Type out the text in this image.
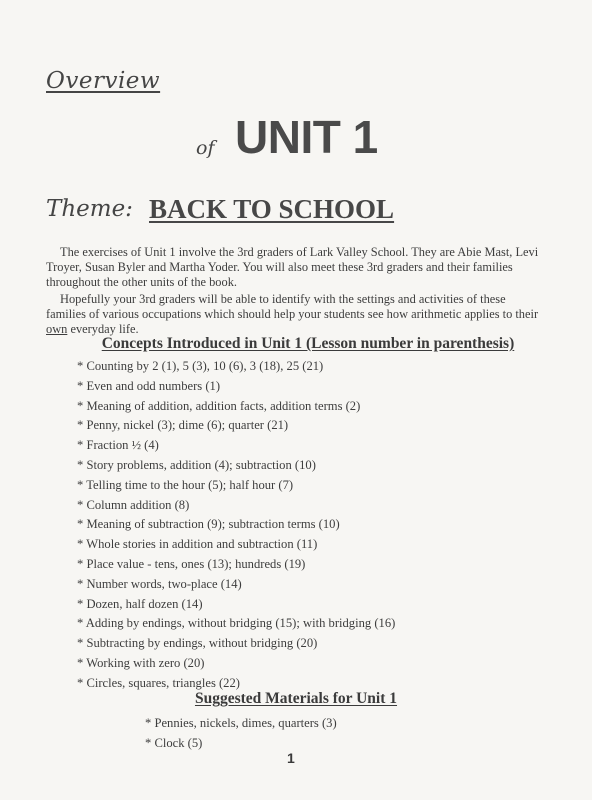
Overview
of UNIT 1
Theme: BACK TO SCHOOL

The exercises of Unit 1 involve the 3rd graders of Lark Valley School. They are Abie Mast, Levi Troyer, Susan Byler and Martha Yoder. You will also meet these 3rd graders and their families throughout the other units of the book.

Hopefully your 3rd graders will be able to identify with the settings and activities of these families of various occupations which should help your students see how arithmetic applies to their own everyday life.

Concepts Introduced in Unit 1 (Lesson number in parenthesis)
* Counting by 2 (1), 5 (3), 10 (6), 3 (18), 25 (21)
* Even and odd numbers (1)
* Meaning of addition, addition facts, addition terms (2)
* Penny, nickel (3); dime (6); quarter (21)
* Fraction ½ (4)
* Story problems, addition (4); subtraction (10)
* Telling time to the hour (5); half hour (7)
* Column addition (8)
* Meaning of subtraction (9); subtraction terms (10)
* Whole stories in addition and subtraction (11)
* Place value - tens, ones (13); hundreds (19)
* Number words, two-place (14)
* Dozen, half dozen (14)
* Adding by endings, without bridging (15); with bridging (16)
* Subtracting by endings, without bridging (20)
* Working with zero (20)
* Circles, squares, triangles (22)
Suggested Materials for Unit 1
* Pennies, nickels, dimes, quarters (3)
* Clock (5)
1
